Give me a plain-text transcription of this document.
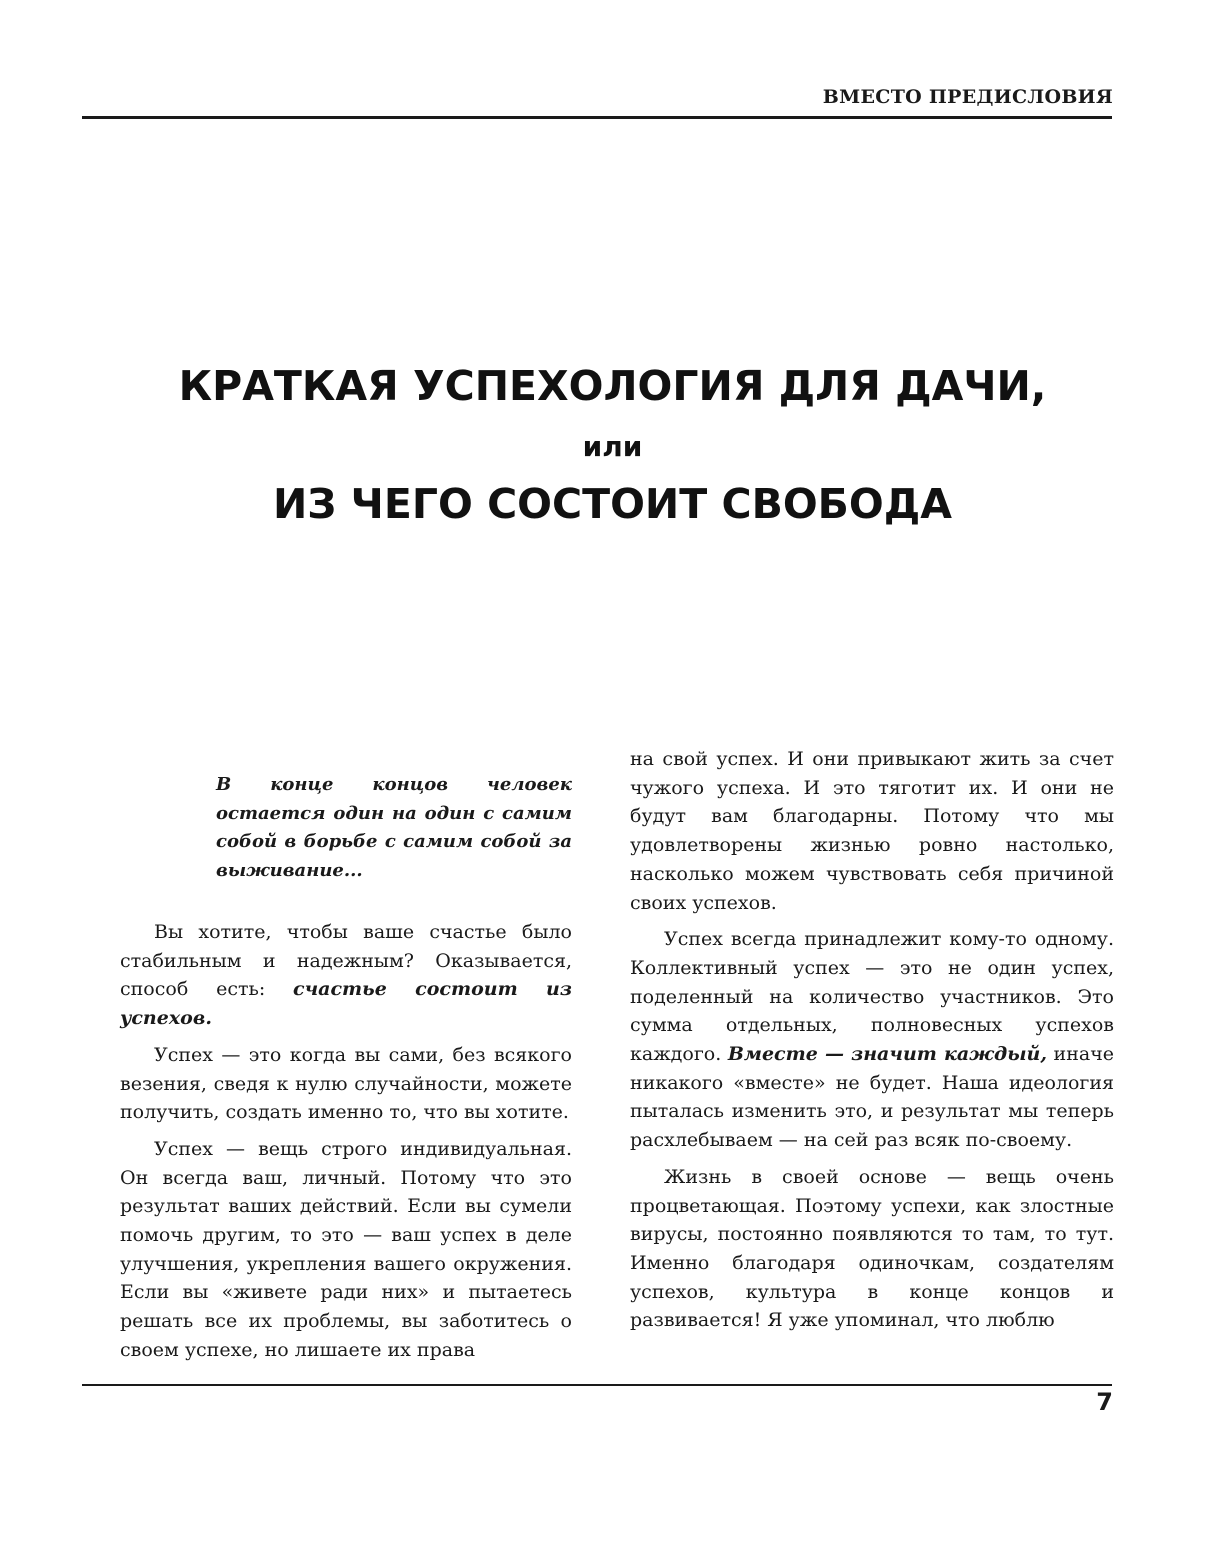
ВМЕСТО ПРЕДИСЛОВИЯ
КРАТКАЯ УСПЕХОЛОГИЯ ДЛЯ ДАЧИ,
или
ИЗ ЧЕГО СОСТОИТ СВОБОДА
В конце концов человек остается один на один с самим собой в борьбе с самим собой за выживание...

Вы хотите, чтобы ваше счастье было стабильным и надежным? Оказывается, способ есть: счастье состоит из успехов.

Успех — это когда вы сами, без всякого везения, сведя к нулю случайности, можете получить, создать именно то, что вы хотите.

Успех — вещь строго индивидуальная. Он всегда ваш, личный. Потому что это результат ваших действий. Если вы сумели помочь другим, то это — ваш успех в деле улучшения, укрепления вашего окружения. Если вы «живете ради них» и пытаетесь решать все их проблемы, вы заботитесь о своем успехе, но лишаете их права

на свой успех. И они привыкают жить за счет чужого успеха. И это тяготит их. И они не будут вам благодарны. Потому что мы удовлетворены жизнью ровно настолько, насколько можем чувствовать себя причиной своих успехов.

Успех всегда принадлежит кому-то одному. Коллективный успех — это не один успех, поделенный на количество участников. Это сумма отдельных, полновесных успехов каждого. Вместе — значит каждый, иначе никакого «вместе» не будет. Наша идеология пыталась изменить это, и результат мы теперь расхлебываем — на сей раз всяк по-своему.

Жизнь в своей основе — вещь очень процветающая. Поэтому успехи, как злостные вирусы, постоянно появляются то там, то тут. Именно благодаря одиночкам, создателям успехов, культура в конце концов и развивается! Я уже упоминал, что люблю

7
